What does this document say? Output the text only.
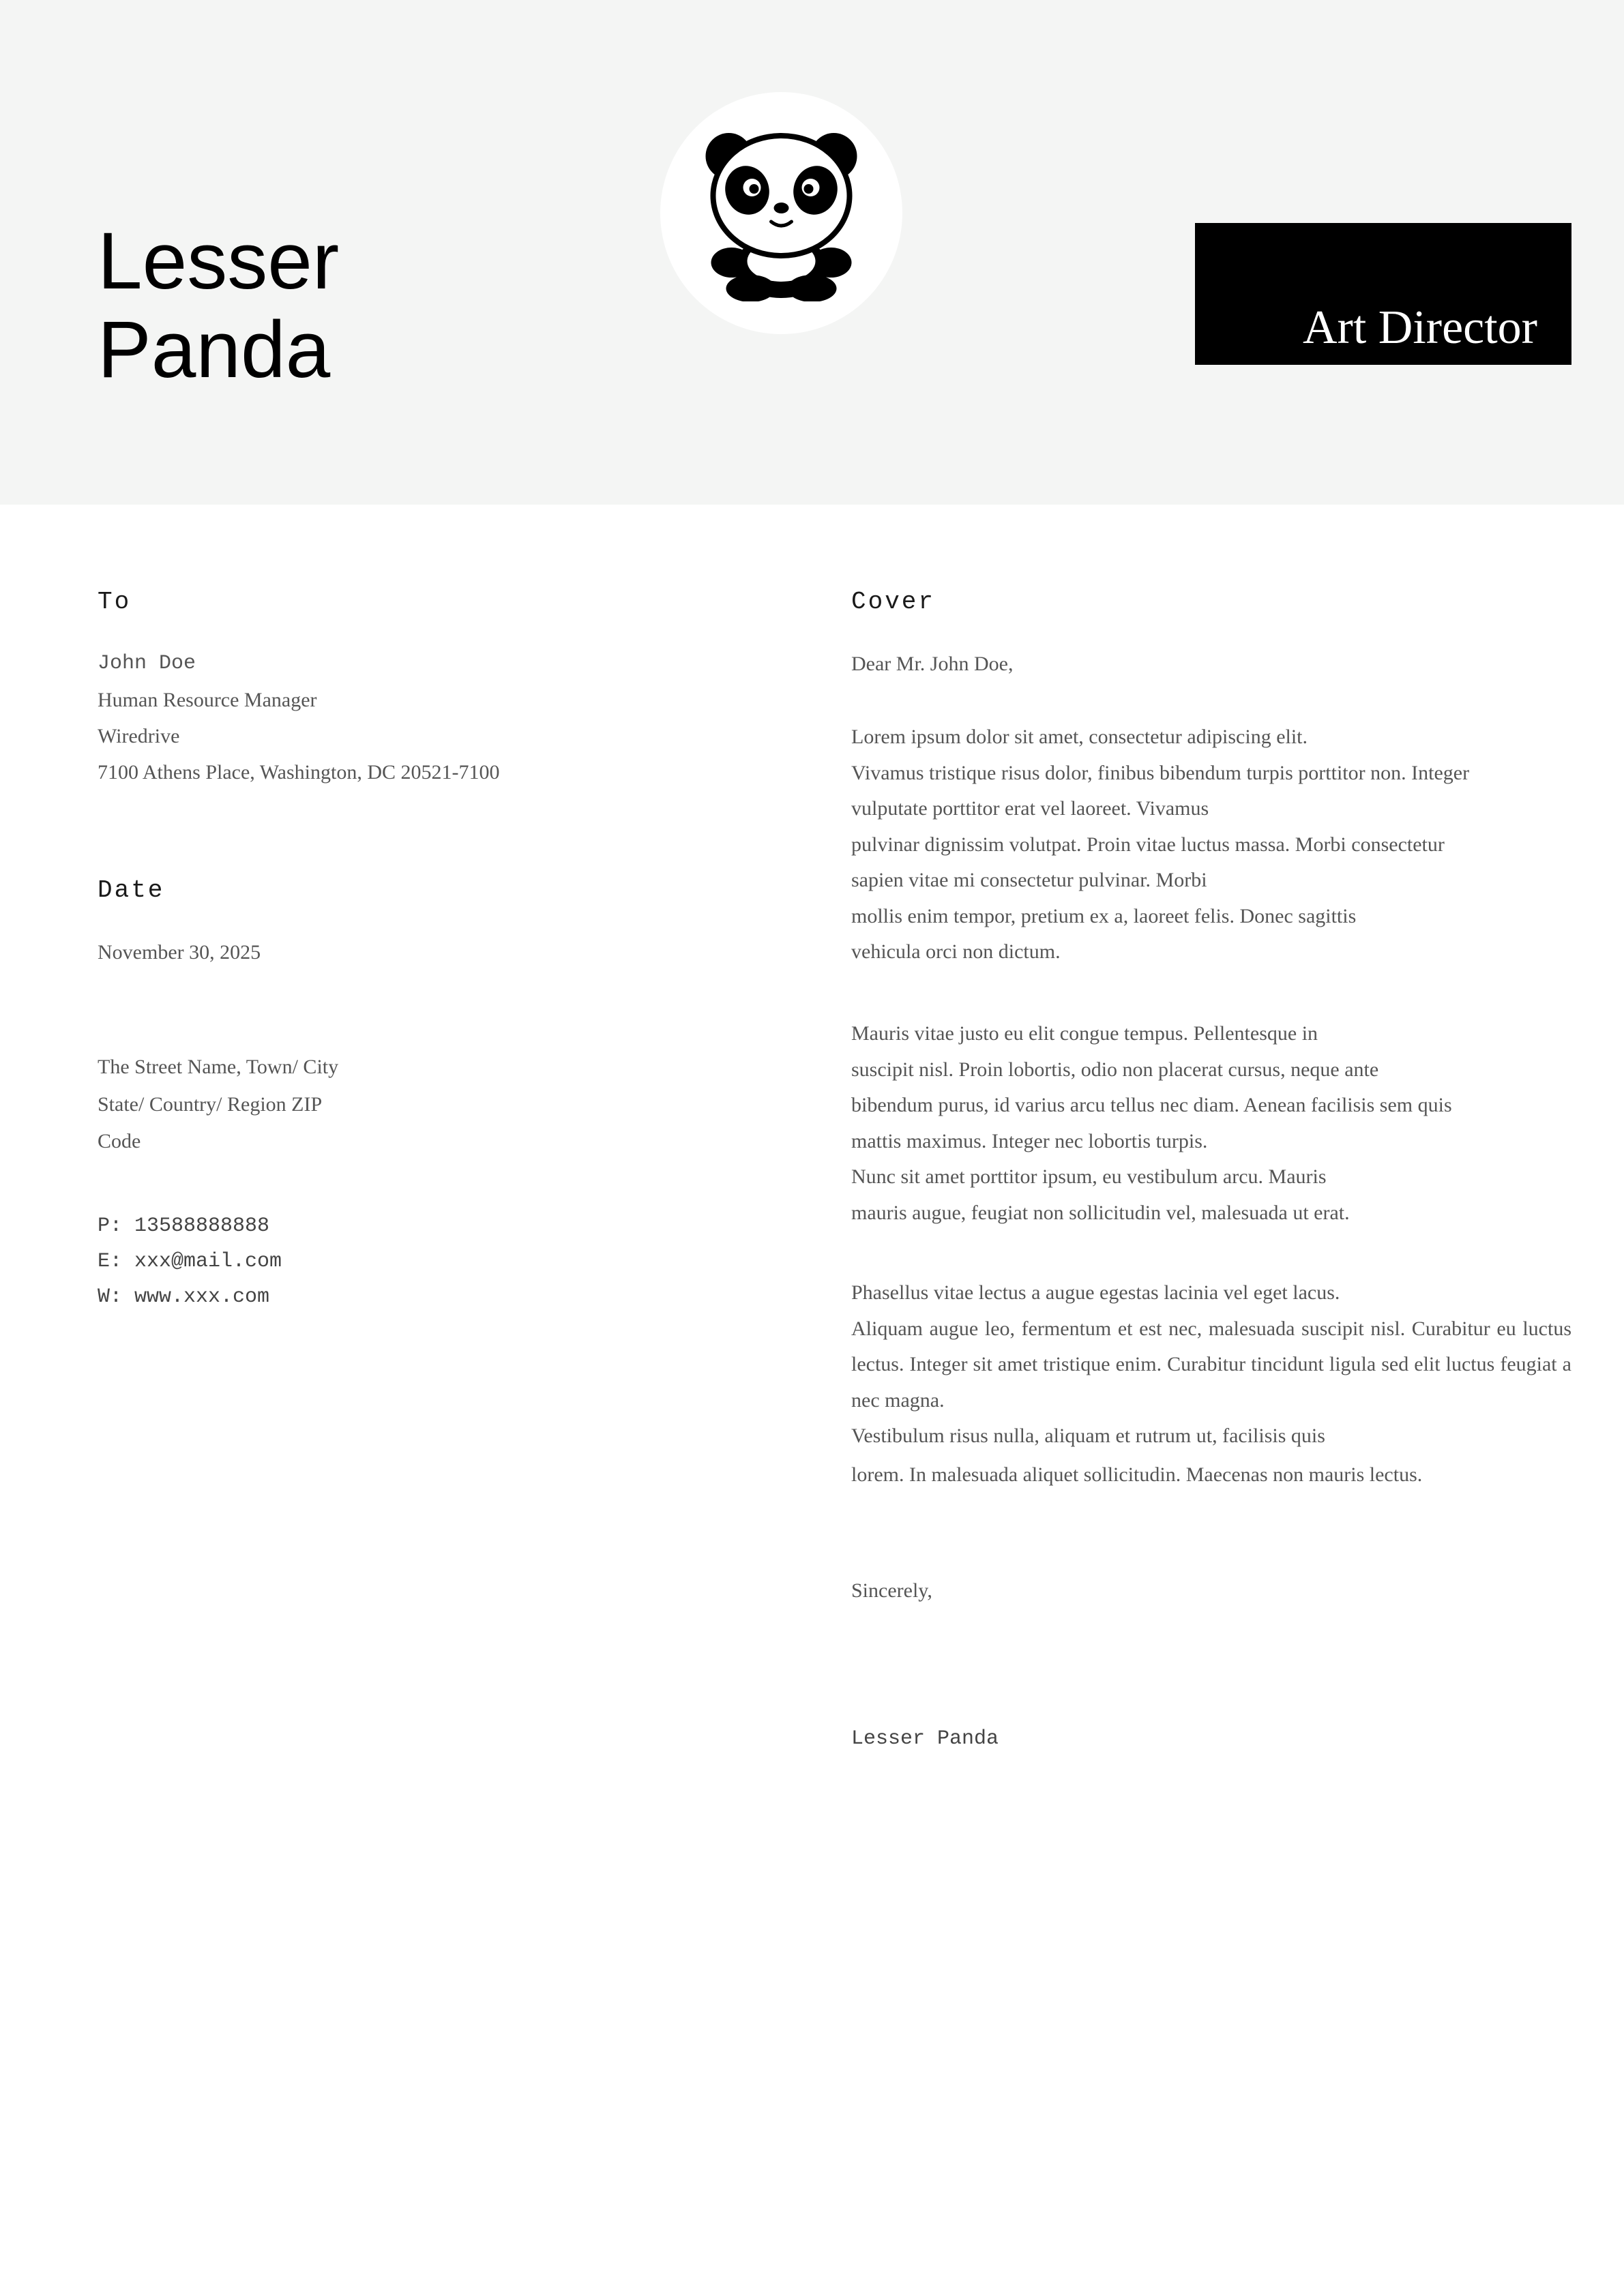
Lesser
Panda	Art Director
To
John Doe
Human Resource Manager
Wiredrive
7100 Athens Place, Washington, DC 20521-7100
Date
November 30, 2025
The Street Name, Town/ City
State/ Country/ Region ZIP
Code
P: 13588888888
E: xxx@mail.com
W: www.xxx.com
Cover
Dear Mr. John Doe,
Lorem ipsum dolor sit amet, consectetur adipiscing elit.
Vivamus tristique risus dolor, finibus bibendum turpis porttitor non. Integer
vulputate porttitor erat vel laoreet. Vivamus
pulvinar dignissim volutpat. Proin vitae luctus massa. Morbi consectetur
sapien vitae mi consectetur pulvinar. Morbi
mollis enim tempor, pretium ex a, laoreet felis. Donec sagittis
vehicula orci non dictum.
Mauris vitae justo eu elit congue tempus. Pellentesque in
suscipit nisl. Proin lobortis, odio non placerat cursus, neque ante
bibendum purus, id varius arcu tellus nec diam. Aenean facilisis sem quis
mattis maximus. Integer nec lobortis turpis.
Nunc sit amet porttitor ipsum, eu vestibulum arcu. Mauris
mauris augue, feugiat non sollicitudin vel, malesuada ut erat.
Phasellus vitae lectus a augue egestas lacinia vel eget lacus.
Aliquam augue leo, fermentum et est nec, malesuada suscipit nisl. Curabitur eu luctus lectus. Integer sit amet tristique enim. Curabitur tincidunt ligula sed elit luctus feugiat a nec magna.
Vestibulum risus nulla, aliquam et rutrum ut, facilisis quis
lorem. In malesuada aliquet sollicitudin. Maecenas non mauris lectus.
Sincerely,
Lesser Panda
